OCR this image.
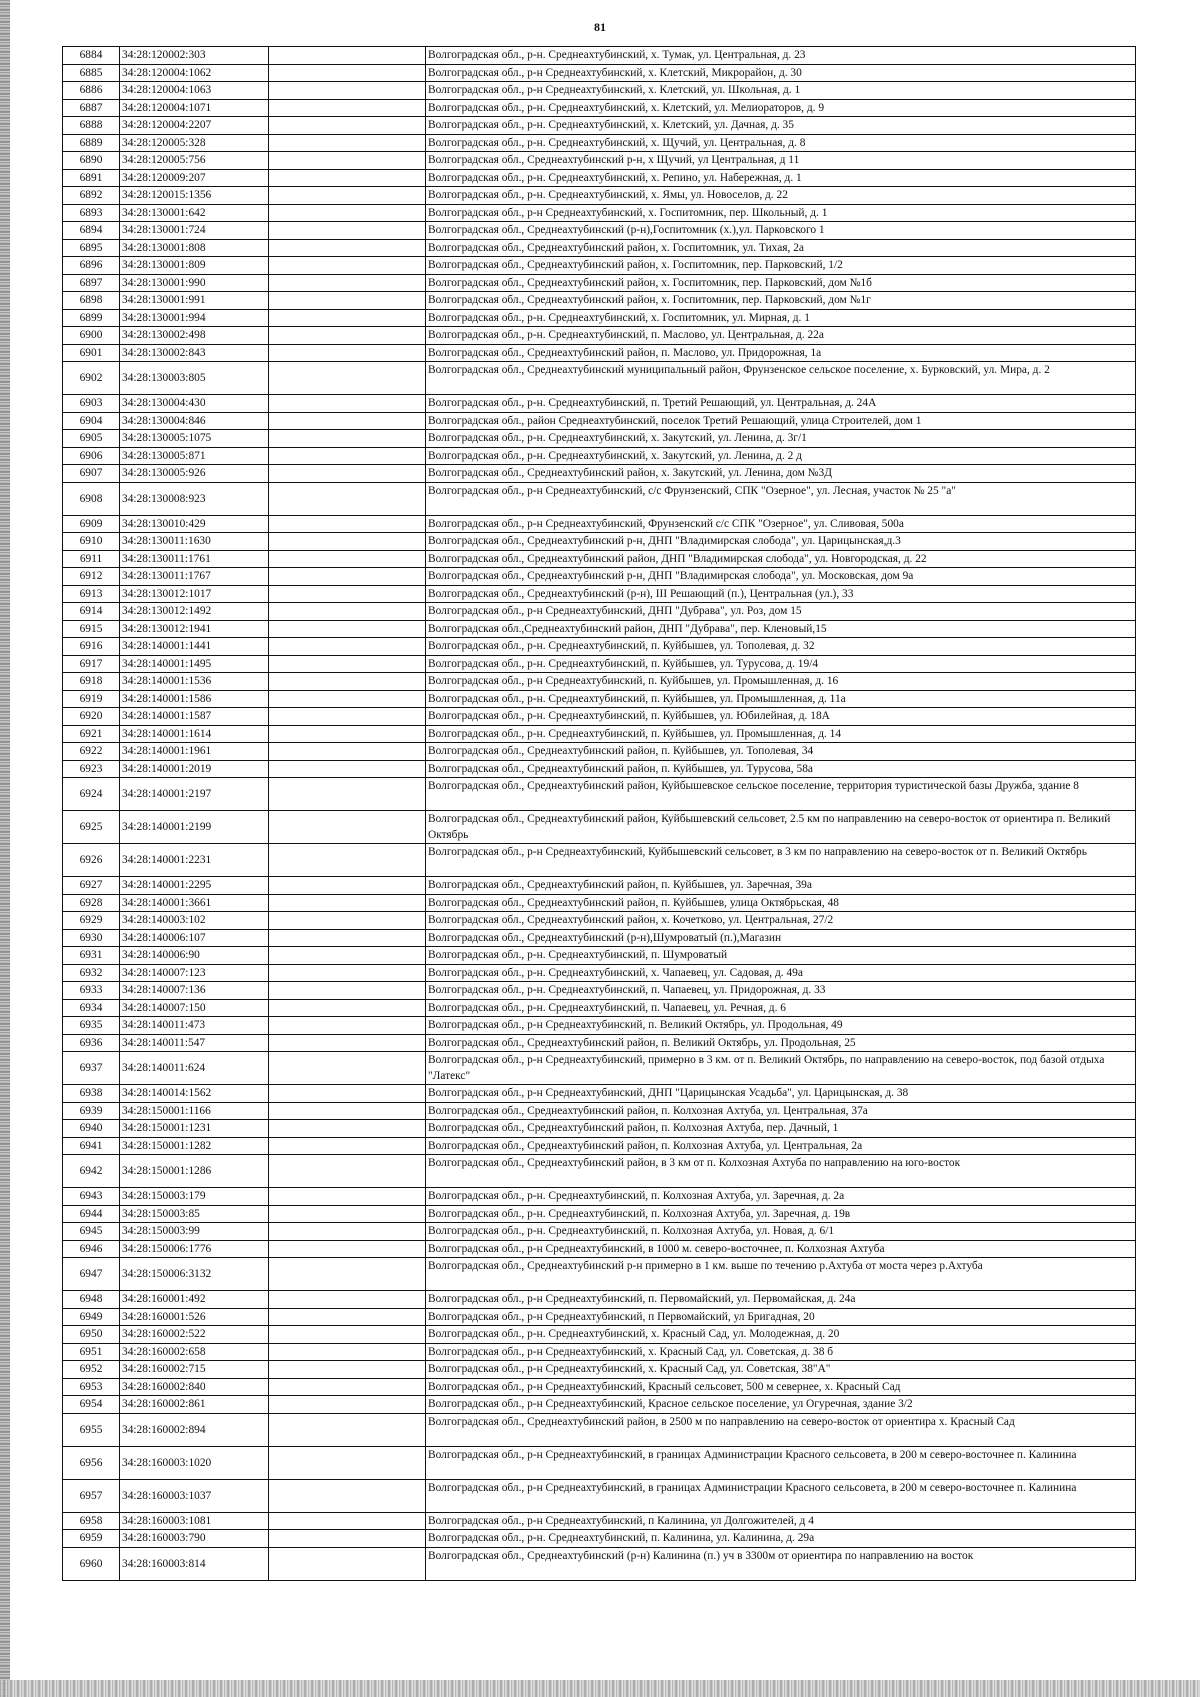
81
6884	34:28:120002:303		Волгоградская обл., р-н. Среднеахтубинский, х. Тумак, ул. Центральная, д. 23
6885	34:28:120004:1062		Волгоградская обл., р-н Среднеахтубинский, х. Клетский, Микрорайон, д. 30
6886	34:28:120004:1063		Волгоградская обл., р-н Среднеахтубинский, х. Клетский, ул. Школьная, д. 1
6887	34:28:120004:1071		Волгоградская обл., р-н. Среднеахтубинский, х. Клетский, ул. Мелиораторов, д. 9
6888	34:28:120004:2207		Волгоградская обл., р-н. Среднеахтубинский, х. Клетский, ул. Дачная, д. 35
6889	34:28:120005:328		Волгоградская обл., р-н. Среднеахтубинский, х. Щучий, ул. Центральная, д. 8
6890	34:28:120005:756		Волгоградская обл., Среднеахтубинский р-н, х Щучий, ул Центральная, д 11
6891	34:28:120009:207		Волгоградская обл., р-н. Среднеахтубинский, х. Репино, ул. Набережная, д. 1
6892	34:28:120015:1356		Волгоградская обл., р-н. Среднеахтубинский, х. Ямы, ул. Новоселов, д. 22
6893	34:28:130001:642		Волгоградская обл., р-н Среднеахтубинский, х. Госпитомник, пер. Школьный, д. 1
6894	34:28:130001:724		Волгоградская обл., Среднеахтубинский (р-н),Госпитомник (х.),ул. Парковского 1
6895	34:28:130001:808		Волгоградская обл., Среднеахтубинский район, х. Госпитомник, ул. Тихая, 2а
6896	34:28:130001:809		Волгоградская обл., Среднеахтубинский район, х. Госпитомник, пер. Парковский, 1/2
6897	34:28:130001:990		Волгоградская обл., Среднеахтубинский район, х. Госпитомник, пер. Парковский, дом №1б
6898	34:28:130001:991		Волгоградская обл., Среднеахтубинский район, х. Госпитомник, пер. Парковский, дом №1г
6899	34:28:130001:994		Волгоградская обл., р-н. Среднеахтубинский, х. Госпитомник, ул. Мирная, д. 1
6900	34:28:130002:498		Волгоградская обл., р-н. Среднеахтубинский, п. Маслово, ул. Центральная, д. 22а
6901	34:28:130002:843		Волгоградская обл., Среднеахтубинский район, п. Маслово, ул. Придорожная, 1а
6902	34:28:130003:805		Волгоградская обл., Среднеахтубинский муниципальный район, Фрунзенское сельское поселение, х. Бурковский, ул. Мира, д. 2
6903	34:28:130004:430		Волгоградская обл., р-н. Среднеахтубинский, п. Третий Решающий, ул. Центральная, д. 24А
6904	34:28:130004:846		Волгоградская обл., район Среднеахтубинский, поселок Третий Решающий, улица Строителей, дом 1
6905	34:28:130005:1075		Волгоградская обл., р-н. Среднеахтубинский, х. Закутский, ул. Ленина, д. 3г/1
6906	34:28:130005:871		Волгоградская обл., р-н. Среднеахтубинский, х. Закутский, ул. Ленина, д. 2 д
6907	34:28:130005:926		Волгоградская обл., Среднеахтубинский район, х. Закутский, ул. Ленина, дом №3Д
6908	34:28:130008:923		Волгоградская обл., р-н Среднеахтубинский, с/с Фрунзенский, СПК "Озерное", ул. Лесная, участок № 25 "а"
6909	34:28:130010:429		Волгоградская обл., р-н Среднеахтубинский, Фрунзенский с/с СПК "Озерное", ул. Сливовая, 500а
6910	34:28:130011:1630		Волгоградская обл., Среднеахтубинский р-н, ДНП "Владимирская слобода", ул. Царицынская,д.3
6911	34:28:130011:1761		Волгоградская обл., Среднеахтубинский район, ДНП "Владимирская слобода", ул. Новгородская, д. 22
6912	34:28:130011:1767		Волгоградская обл., Среднеахтубинский р-н, ДНП "Владимирская слобода", ул. Московская, дом 9а
6913	34:28:130012:1017		Волгоградская обл., Среднеахтубинский (р-н), III Решающий (п.), Центральная (ул.), 33
6914	34:28:130012:1492		Волгоградская обл., р-н Среднеахтубинский, ДНП "Дубрава", ул. Роз, дом 15
6915	34:28:130012:1941		Волгоградская обл.,Среднеахтубинский район, ДНП "Дубрава", пер. Кленовый,15
6916	34:28:140001:1441		Волгоградская обл., р-н. Среднеахтубинский, п. Куйбышев, ул. Тополевая, д. 32
6917	34:28:140001:1495		Волгоградская обл., р-н. Среднеахтубинский, п. Куйбышев, ул. Турусова, д. 19/4
6918	34:28:140001:1536		Волгоградская обл., р-н Среднеахтубинский, п. Куйбышев, ул. Промышленная, д. 16
6919	34:28:140001:1586		Волгоградская обл., р-н. Среднеахтубинский, п. Куйбышев, ул. Промышленная, д. 11а
6920	34:28:140001:1587		Волгоградская обл., р-н. Среднеахтубинский, п. Куйбышев, ул. Юбилейная, д. 18А
6921	34:28:140001:1614		Волгоградская обл., р-н. Среднеахтубинский, п. Куйбышев, ул. Промышленная, д. 14
6922	34:28:140001:1961		Волгоградская обл., Среднеахтубинский район, п. Куйбышев, ул. Тополевая, 34
6923	34:28:140001:2019		Волгоградская обл., Среднеахтубинский район, п. Куйбышев, ул. Турусова, 58а
6924	34:28:140001:2197		Волгоградская обл., Среднеахтубинский район, Куйбышевское сельское поселение, территория туристической базы Дружба, здание 8
6925	34:28:140001:2199		Волгоградская обл., Среднеахтубинский район, Куйбышевский сельсовет, 2.5 км по направлению на северо-восток от ориентира п. Великий Октябрь
6926	34:28:140001:2231		Волгоградская обл., р-н Среднеахтубинский, Куйбышевский сельсовет, в 3 км по направлению на северо-восток от п. Великий Октябрь
6927	34:28:140001:2295		Волгоградская обл., Среднеахтубинский район, п. Куйбышев, ул. Заречная, 39а
6928	34:28:140001:3661		Волгоградская обл., Среднеахтубинский район, п. Куйбышев, улица Октябрьская, 48
6929	34:28:140003:102		Волгоградская обл., Среднеахтубинский район, х. Кочетково, ул. Центральная, 27/2
6930	34:28:140006:107		Волгоградская обл., Среднеахтубинский (р-н),Шумроватый (п.),Магазин
6931	34:28:140006:90		Волгоградская обл., р-н. Среднеахтубинский, п. Шумроватый
6932	34:28:140007:123		Волгоградская обл., р-н. Среднеахтубинский, х. Чапаевец, ул. Садовая, д. 49а
6933	34:28:140007:136		Волгоградская обл., р-н. Среднеахтубинский, п. Чапаевец, ул. Придорожная, д. 33
6934	34:28:140007:150		Волгоградская обл., р-н. Среднеахтубинский, п. Чапаевец, ул. Речная, д. 6
6935	34:28:140011:473		Волгоградская обл., р-н Среднеахтубинский, п. Великий Октябрь, ул. Продольная, 49
6936	34:28:140011:547		Волгоградская обл., Среднеахтубинский район, п. Великий Октябрь, ул. Продольная, 25
6937	34:28:140011:624		Волгоградская обл., р-н Среднеахтубинский, примерно в 3 км. от п. Великий Октябрь, по направлению на северо-восток, под базой отдыха "Латекс"
6938	34:28:140014:1562		Волгоградская обл., р-н Среднеахтубинский, ДНП "Царицынская Усадьба", ул. Царицынская, д. 38
6939	34:28:150001:1166		Волгоградская обл., Среднеахтубинский район, п. Колхозная Ахтуба, ул. Центральная, 37а
6940	34:28:150001:1231		Волгоградская обл., Среднеахтубинский район, п. Колхозная Ахтуба, пер. Дачный, 1
6941	34:28:150001:1282		Волгоградская обл., Среднеахтубинский район, п. Колхозная Ахтуба, ул. Центральная, 2а
6942	34:28:150001:1286		Волгоградская обл., Среднеахтубинский район, в 3 км от п. Колхозная Ахтуба по направлению на юго-восток
6943	34:28:150003:179		Волгоградская обл., р-н. Среднеахтубинский, п. Колхозная Ахтуба, ул. Заречная, д. 2а
6944	34:28:150003:85		Волгоградская обл., р-н. Среднеахтубинский, п. Колхозная Ахтуба, ул. Заречная, д. 19в
6945	34:28:150003:99		Волгоградская обл., р-н. Среднеахтубинский, п. Колхозная Ахтуба, ул. Новая, д. 6/1
6946	34:28:150006:1776		Волгоградская обл., р-н Среднеахтубинский, в 1000 м. северо-восточнее, п. Колхозная Ахтуба
6947	34:28:150006:3132		Волгоградская обл., Среднеахтубинский р-н примерно в 1 км. выше по течению р.Ахтуба от моста через р.Ахтуба
6948	34:28:160001:492		Волгоградская обл., р-н Среднеахтубинский, п. Первомайский, ул. Первомайская, д. 24а
6949	34:28:160001:526		Волгоградская обл., р-н Среднеахтубинский, п Первомайский, ул Бригадная, 20
6950	34:28:160002:522		Волгоградская обл., р-н. Среднеахтубинский, х. Красный Сад, ул. Молодежная, д. 20
6951	34:28:160002:658		Волгоградская обл., р-н Среднеахтубинский, х. Красный Сад, ул. Советская, д. 38 б
6952	34:28:160002:715		Волгоградская обл., р-н Среднеахтубинский, х. Красный Сад, ул. Советская, 38"А"
6953	34:28:160002:840		Волгоградская обл., р-н Среднеахтубинский, Красный сельсовет, 500 м севернее, х. Красный Сад
6954	34:28:160002:861		Волгоградская обл., р-н Среднеахтубинский, Красное сельское поселение, ул Огуречная, здание 3/2
6955	34:28:160002:894		Волгоградская обл., Среднеахтубинский район, в 2500 м по направлению на северо-восток от ориентира х. Красный Сад
6956	34:28:160003:1020		Волгоградская обл., р-н Среднеахтубинский, в границах Администрации Красного сельсовета, в 200 м северо-восточнее п. Калинина
6957	34:28:160003:1037		Волгоградская обл., р-н Среднеахтубинский, в границах Администрации Красного сельсовета, в 200 м северо-восточнее п. Калинина
6958	34:28:160003:1081		Волгоградская обл., р-н Среднеахтубинский, п Калинина, ул Долгожителей, д 4
6959	34:28:160003:790		Волгоградская обл., р-н. Среднеахтубинский, п. Калинина, ул. Калинина, д. 29а
6960	34:28:160003:814		Волгоградская обл., Среднеахтубинский (р-н) Калинина (п.) уч в 3300м от ориентира по направлению на восток
